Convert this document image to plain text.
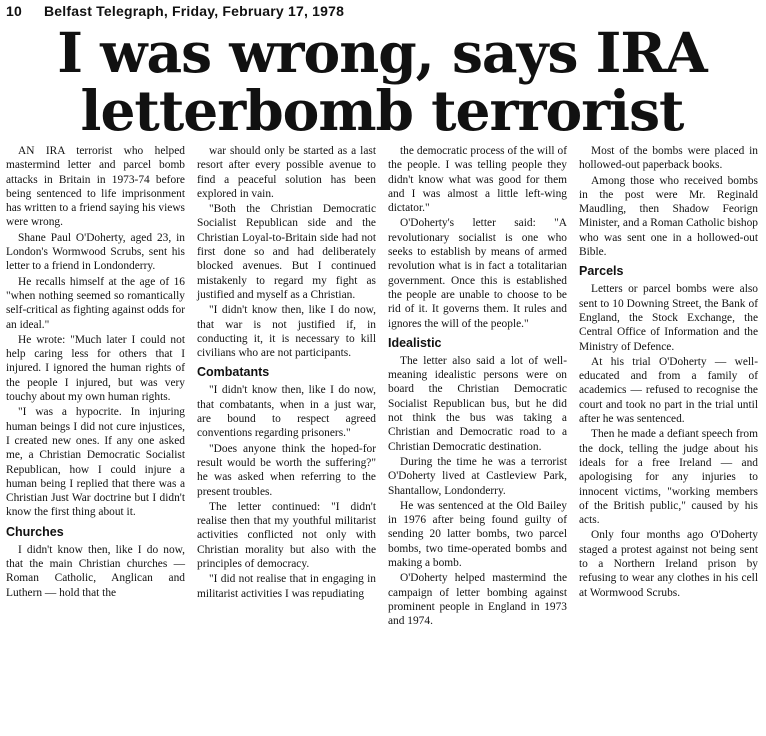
10 Belfast Telegraph, Friday, February 17, 1978
I was wrong, says IRA
letterbomb terrorist

AN IRA terrorist who helped mastermind letter and parcel bomb attacks in Britain in 1973-74 before being sentenced to life imprisonment has written to a friend saying his views were wrong.

Shane Paul O'Doherty, aged 23, in London's Wormwood Scrubs, sent his letter to a friend in Londonderry.

He recalls himself at the age of 16 "when nothing seemed so romantically self-critical as fighting against odds for an ideal."

He wrote: "Much later I could not help caring less for others that I injured. I ignored the human rights of the people I injured, but was very touchy about my own human rights.

"I was a hypocrite. In injuring human beings I did not cure injustices, I created new ones. If any one asked me, a Christian Democratic Socialist Republican, how I could injure a human being I replied that there was a Christian Just War doctrine but I didn't know the first thing about it.

Churches

I didn't know then, like I do now, that the main Christian churches — Roman Catholic, Anglican and Luthern — hold that the

war should only be started as a last resort after every possible avenue to find a peaceful solution has been explored in vain.

"Both the Christian Democratic Socialist Republican side and the Christian Loyal-to-Britain side had not first done so and had deliberately blocked avenues. But I continued mistakenly to regard my fight as justified and myself as a Christian.

"I didn't know then, like I do now, that war is not justified if, in conducting it, it is necessary to kill civilians who are not participants.

Combatants

"I didn't know then, like I do now, that combatants, when in a just war, are bound to respect agreed conventions regarding prisoners."

"Does anyone think the hoped-for result would be worth the suffering?" he was asked when referring to the present troubles.

The letter continued: "I didn't realise then that my youthful militarist activities conflicted not only with Christian morality but also with the principles of democracy.

"I did not realise that in engaging in militarist activities I was repudiating

the democratic process of the will of the people. I was telling people they didn't know what was good for them and I was almost a little left-wing dictator."

O'Doherty's letter said: "A revolutionary socialist is one who seeks to establish by means of armed revolution what is in fact a totalitarian government. Once this is established the people are unable to choose to be rid of it. It governs them. It rules and ignores the will of the people."

Idealistic

The letter also said a lot of well-meaning idealistic persons were on board the Christian Democratic Socialist Republican bus, but he did not think the bus was taking a Christian and Democratic road to a Christian Democratic destination.

During the time he was a terrorist O'Doherty lived at Castleview Park, Shantallow, Londonderry.

He was sentenced at the Old Bailey in 1976 after being found guilty of sending 20 latter bombs, two parcel bombs, two time-operated bombs and making a bomb.

O'Doherty helped mastermind the campaign of letter bombing against prominent people in England in 1973 and 1974.

Most of the bombs were placed in hollowed-out paperback books.

Among those who received bombs in the post were Mr. Reginald Maudling, then Shadow Feorign Minister, and a Roman Catholic bishop who was sent one in a hollowed-out Bible.

Parcels

Letters or parcel bombs were also sent to 10 Downing Street, the Bank of England, the Stock Exchange, the Central Office of Information and the Ministry of Defence.

At his trial O'Doherty — well-educated and from a family of academics — refused to recognise the court and took no part in the trial until after he was sentenced.

Then he made a defiant speech from the dock, telling the judge about his ideals for a free Ireland — and apologising for any injuries to innocent victims, "working members of the British public," caused by his acts.

Only four months ago O'Doherty staged a protest against not being sent to a Northern Ireland prison by refusing to wear any clothes in his cell at Wormwood Scrubs.
